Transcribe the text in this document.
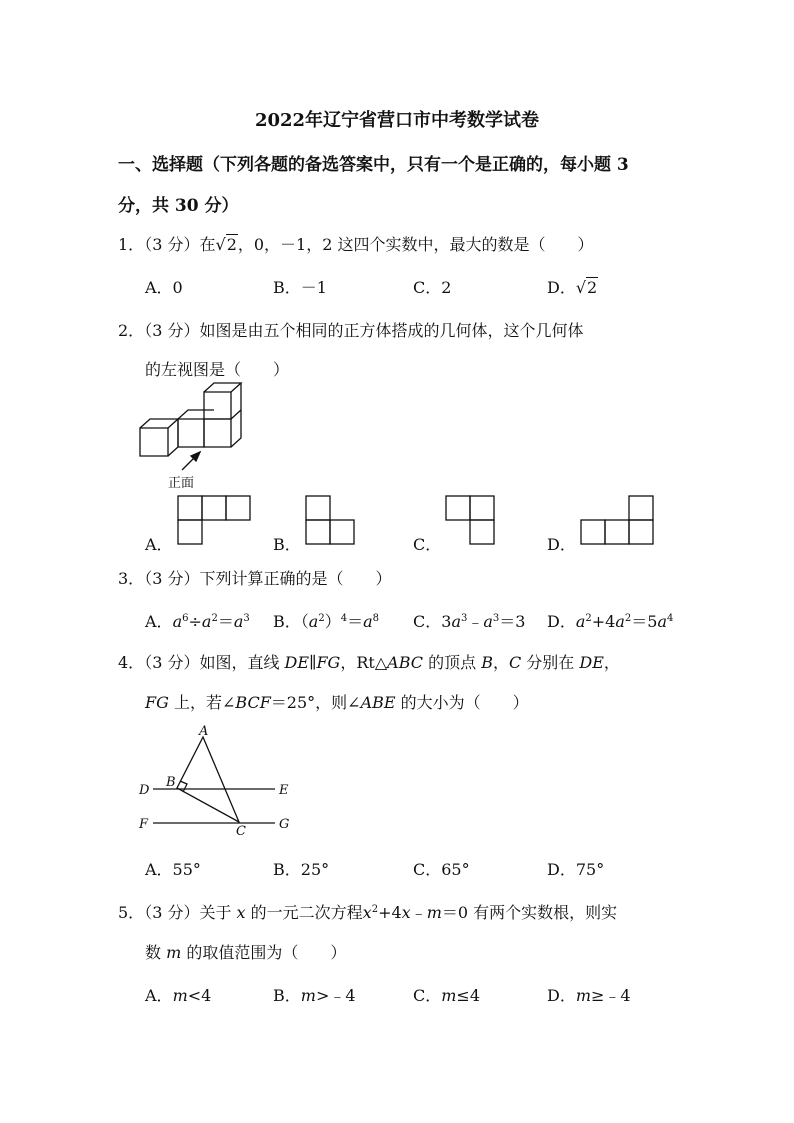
2022年辽宁省营口市中考数学试卷
一、选择题（下列各题的备选答案中，只有一个是正确的，每小题 3
分，共 30 分）
1．（3 分）在√2，0，－1，2 这四个实数中，最大的数是（　　）
A．0	B．－1	C．2	D．√2
2．（3 分）如图是由五个相同的正方体搭成的几何体，这个几何体
的左视图是（　　）
正面
A．	B．	C．	D．
3．（3 分）下列计算正确的是（　　）
A．$a^6\div a^2=a^3$ B．$(a^2)^4=a^8$ C．$3a^3﹣a^3=3$ D．$a^2+4a^2=5a^4$
4．（3 分）如图，直线 DE∥FG，Rt△ABC 的顶点 B，C 分别在 DE，
FG 上，若∠BCF＝25°，则∠ABE 的大小为（　　）
A
B
C
D	E
F	G
A．55°	B．25°	C．65°	D．75°
5．（3 分）关于 x 的一元二次方程$x^2+4x﹣m=0$ 有两个实数根，则实
数 m 的取值范围为（　　）
A．m<4	B．m>﹣4	C．m≤4	D．m≥﹣4
